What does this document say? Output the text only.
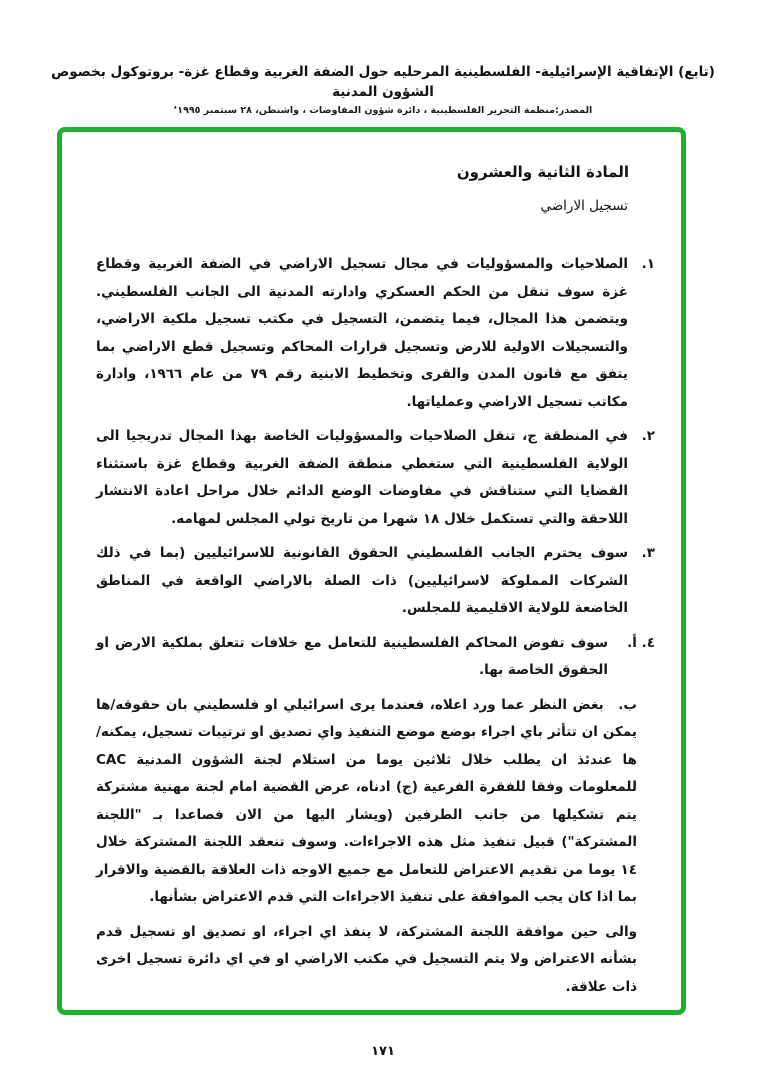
(تابع) الإتفاقية الإسرائيلية- الفلسطينية المرحليه حول الضفة الغربية وقطاع غزة- بروتوكول بخصوص الشؤون المدنية
المصدر:منظمة التحرير الفلسطينية ، دائرة شؤون المفاوضات ، واشنطن، ٢٨ سبتمبر ١٩٩٥’
المادة الثانية والعشرون
تسجيل الاراضي
١.
الصلاحيات والمسؤوليات في مجال تسجيل الاراضي في الضفة الغربية وقطاع غزة سوف تنقل من الحكم العسكري وادارته المدنية الى الجانب الفلسطيني. ويتضمن هذا المجال، فيما يتضمن، التسجيل في مكتب تسجيل ملكية الاراضي، والتسجيلات الاولية للارض وتسجيل قرارات المحاكم وتسجيل قطع الاراضي بما يتفق مع قانون المدن والقرى وتخطيط الابنية رقم ٧٩ من عام ١٩٦٦، وادارة مكاتب تسجيل الاراضي وعملياتها.
٢.
في المنطقة ج، تنقل الصلاحيات والمسؤوليات الخاصة بهذا المجال تدريجيا الى الولاية الفلسطينية التي ستغطي منطقة الضفة الغربية وقطاع غزة باستثناء القضايا التي ستناقش في مفاوضات الوضع الدائم خلال مراحل اعادة الانتشار اللاحقة والتي تستكمل خلال ١٨ شهرا من تاريخ تولي المجلس لمهامه.
٣.
سوف يحترم الجانب الفلسطيني الحقوق القانونية للاسرائيليين (بما في ذلك الشركات المملوكة لاسرائيليين) ذات الصلة بالاراضي الواقعة في المناطق الخاضعة للولاية الاقليمية للمجلس.
٤. أ.
سوف تفوض المحاكم الفلسطينية للتعامل مع خلافات تتعلق بملكية الارض او الحقوق الخاصة بها.
ب. بغض النظر عما ورد اعلاه، فعندما يرى اسرائيلي او فلسطيني بان حقوقه/ها يمكن ان تتأثر باي اجراء بوضع موضع التنفيذ واي تصديق او ترتيبات تسجيل، يمكنه/ها عندئذ ان يطلب خلال ثلاثين يوما من استلام لجنة الشؤون المدنية CAC للمعلومات وفقا للفقرة الفرعية (ج) ادناه، عرض القضية امام لجنة مهنية مشتركة يتم تشكيلها من جانب الطرفين (ويشار اليها من الان فصاعدا بـ "اللجنة المشتركة") قبيل تنفيذ مثل هذه الاجراءات. وسوف تنعقد اللجنة المشتركة خلال ١٤ يوما من تقديم الاعتراض للتعامل مع جميع الاوجه ذات العلاقة بالقضية والاقرار بما اذا كان يجب الموافقة على تنفيذ الاجراءات التي قدم الاعتراض بشأنها.
والى حين موافقة اللجنة المشتركة، لا ينفذ اي اجراء، او تصديق او تسجيل قدم بشأنه الاعتراض ولا يتم التسجيل في مكتب الاراضي او في اي دائرة تسجيل اخرى ذات علاقة.
١٧١
